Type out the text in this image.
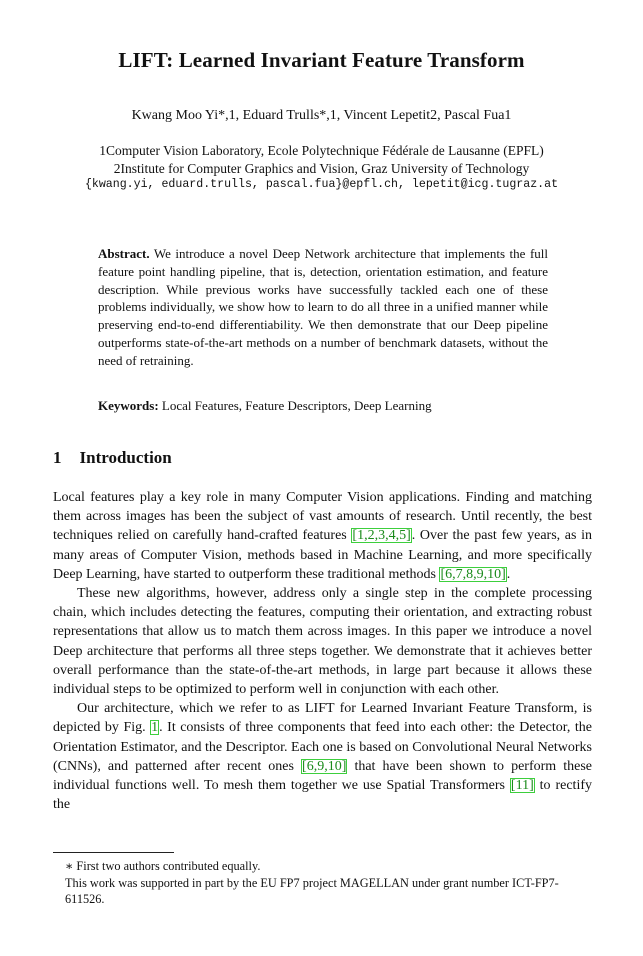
LIFT: Learned Invariant Feature Transform
Kwang Moo Yi*,1, Eduard Trulls*,1, Vincent Lepetit2, Pascal Fua1
1Computer Vision Laboratory, Ecole Polytechnique Fédérale de Lausanne (EPFL)
2Institute for Computer Graphics and Vision, Graz University of Technology
{kwang.yi, eduard.trulls, pascal.fua}@epfl.ch, lepetit@icg.tugraz.at
Abstract. We introduce a novel Deep Network architecture that implements the full feature point handling pipeline, that is, detection, orientation estimation, and feature description. While previous works have successfully tackled each one of these problems individually, we show how to learn to do all three in a unified manner while preserving end-to-end differentiability. We then demonstrate that our Deep pipeline outperforms state-of-the-art methods on a number of benchmark datasets, without the need of retraining.
Keywords: Local Features, Feature Descriptors, Deep Learning
1 Introduction

Local features play a key role in many Computer Vision applications. Finding and matching them across images has been the subject of vast amounts of research. Until recently, the best techniques relied on carefully hand-crafted features [1,2,3,4,5]. Over the past few years, as in many areas of Computer Vision, methods based in Machine Learning, and more specifically Deep Learning, have started to outperform these traditional methods [6,7,8,9,10].

These new algorithms, however, address only a single step in the complete processing chain, which includes detecting the features, computing their orientation, and extracting robust representations that allow us to match them across images. In this paper we introduce a novel Deep architecture that performs all three steps together. We demonstrate that it achieves better overall performance than the state-of-the-art methods, in large part because it allows these individual steps to be optimized to perform well in conjunction with each other.

Our architecture, which we refer to as LIFT for Learned Invariant Feature Transform, is depicted by Fig. 1. It consists of three components that feed into each other: the Detector, the Orientation Estimator, and the Descriptor. Each one is based on Convolutional Neural Networks (CNNs), and patterned after recent ones [6,9,10] that have been shown to perform these individual functions well. To mesh them together we use Spatial Transformers [11] to rectify the

∗ First two authors contributed equally.

This work was supported in part by the EU FP7 project MAGELLAN under grant number ICT-FP7-611526.
